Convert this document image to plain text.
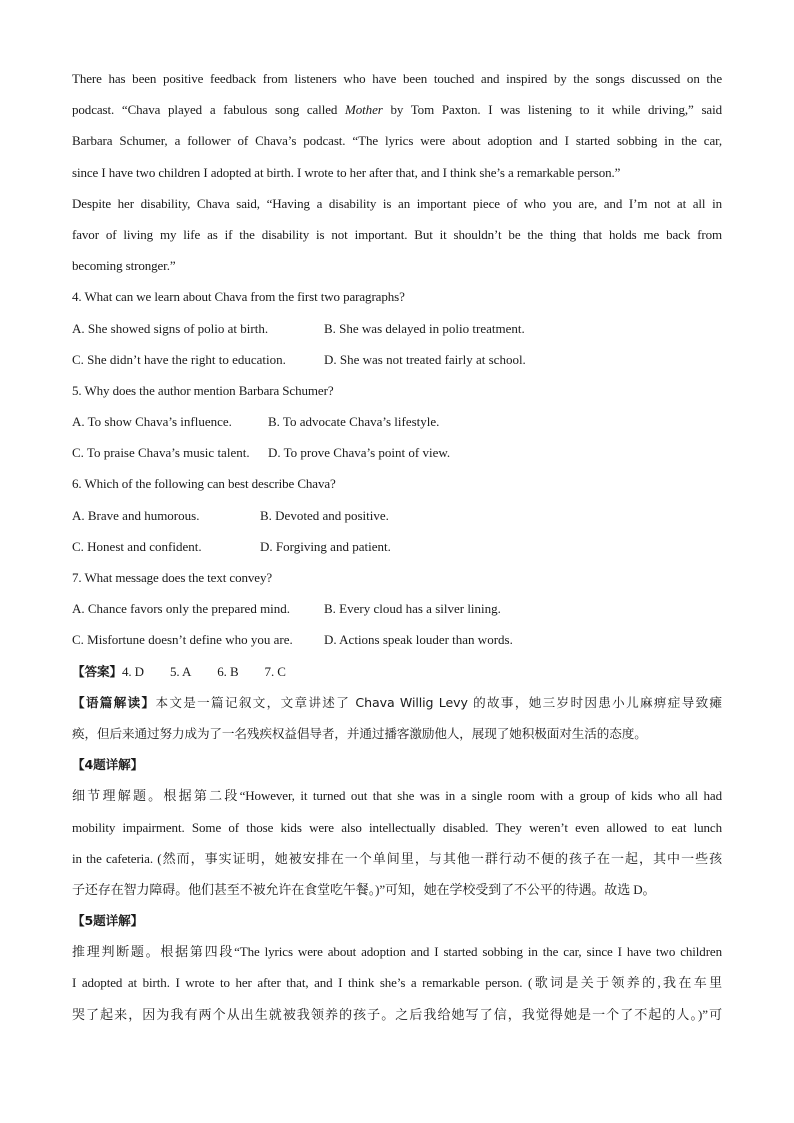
There has been positive feedback from listeners who have been touched and inspired by the songs discussed on the
podcast. “Chava played a fabulous song called Mother by Tom Paxton. I was listening to it while driving,” said
Barbara Schumer, a follower of Chava’s podcast. “The lyrics were about adoption and I started sobbing in the car,
since I have two children I adopted at birth. I wrote to her after that, and I think she’s a remarkable person.”
Despite her disability, Chava said, “Having a disability is an important piece of who you are, and I’m not at all in
favor of living my life as if the disability is not important. But it shouldn’t be the thing that holds me back from
becoming stronger.”
4. What can we learn about Chava from the first two paragraphs?
A. She showed signs of polio at birth.	B. She was delayed in polio treatment.
C. She didn’t have the right to education.	D. She was not treated fairly at school.
5. Why does the author mention Barbara Schumer?
A. To show Chava’s influence.	B. To advocate Chava’s lifestyle.
C. To praise Chava’s music talent.	D. To prove Chava’s point of view.
6. Which of the following can best describe Chava?
A. Brave and humorous.	B. Devoted and positive.
C. Honest and confident.	D. Forgiving and patient.
7. What message does the text convey?
A. Chance favors only the prepared mind.	B. Every cloud has a silver lining.
C. Misfortune doesn’t define who you are.	D. Actions speak louder than words.
【答案】4. D 5. A 6. B 7. C
【语篇解读】本文是一篇记叙文，文章讲述了 Chava Willig Levy 的故事，她三岁时因患小儿麻痹症导致瘫
痪，但后来通过努力成为了一名残疾权益倡导者，并通过播客激励他人，展现了她积极面对生活的态度。
【4题详解】
细节理解题。根据第二段“However, it turned out that she was in a single room with a group of kids who all had
mobility impairment. Some of those kids were also intellectually disabled. They weren’t even allowed to eat lunch
in the cafeteria. (然而，事实证明，她被安排在一个单间里，与其他一群行动不便的孩子在一起，其中一些孩
子还存在智力障碍。他们甚至不被允许在食堂吃午餐。)”可知，她在学校受到了不公平的待遇。故选 D。
【5题详解】
推理判断题。根据第四段“The lyrics were about adoption and I started sobbing in the car, since I have two children
I adopted at birth. I wrote to her after that, and I think she’s a remarkable person. (歌词是关于领养的,我在车里
哭了起来，因为我有两个从出生就被我领养的孩子。之后我给她写了信，我觉得她是一个了不起的人。)”可
